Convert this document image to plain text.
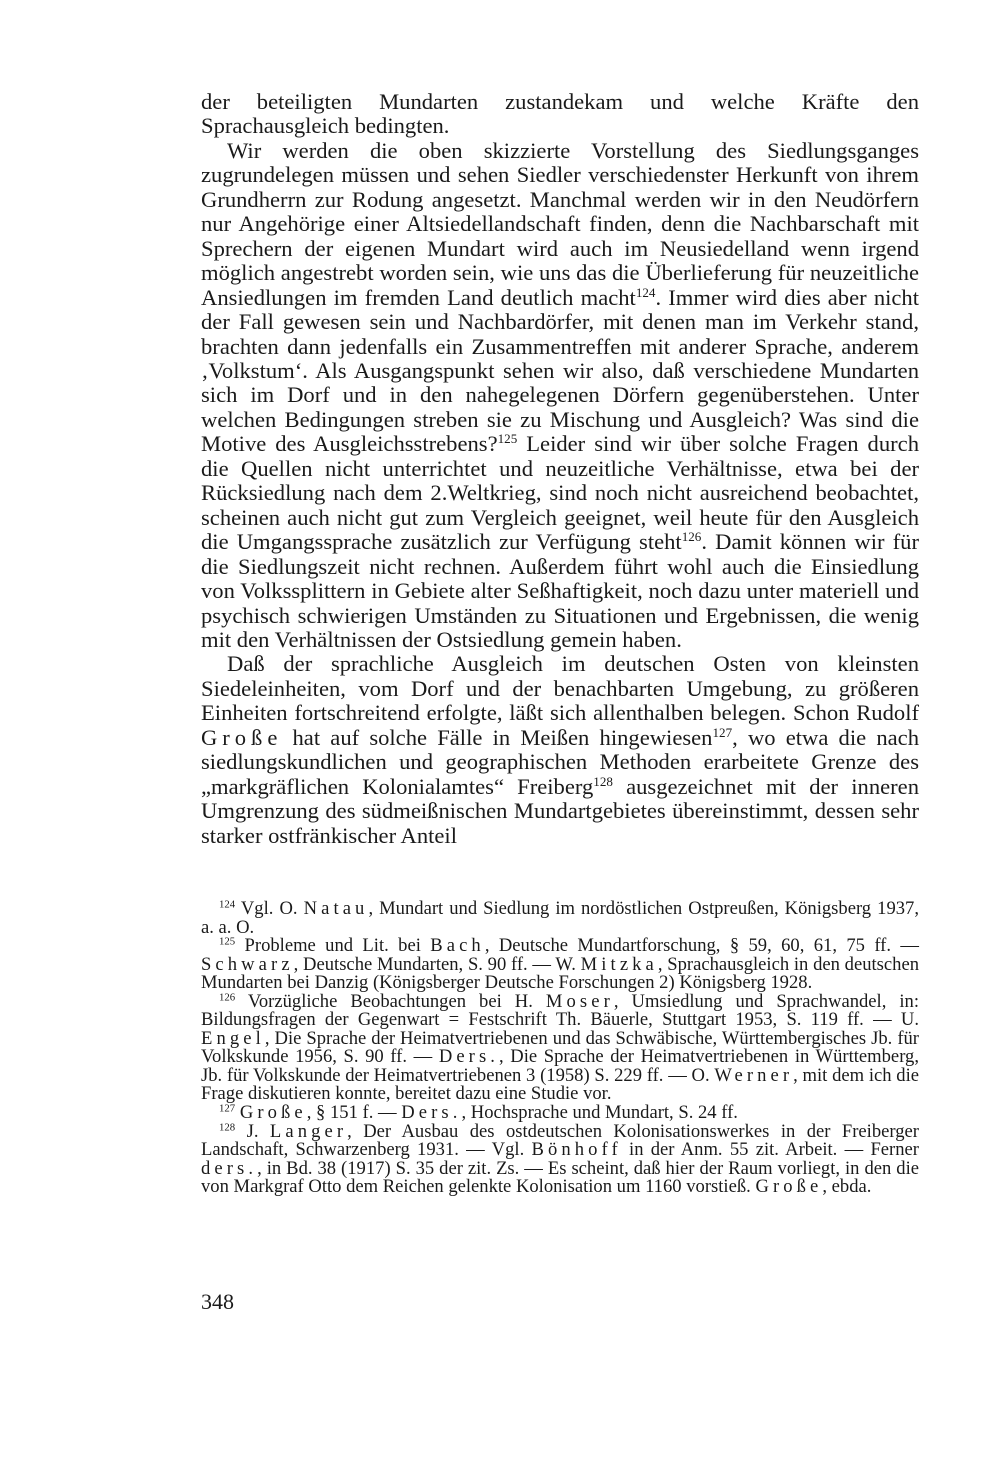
der beteiligten Mundarten zustandekam und welche Kräfte den Sprachausgleich bedingten.

Wir werden die oben skizzierte Vorstellung des Siedlungsganges zugrundelegen müssen und sehen Siedler verschiedenster Herkunft von ihrem Grundherrn zur Rodung angesetzt. Manchmal werden wir in den Neudörfern nur Angehörige einer Altsiedellandschaft finden, denn die Nachbarschaft mit Sprechern der eigenen Mundart wird auch im Neusiedelland wenn irgend möglich angestrebt worden sein, wie uns das die Überlieferung für neuzeitliche Ansiedlungen im fremden Land deutlich macht$^{124}$. Immer wird dies aber nicht der Fall gewesen sein und Nachbardörfer, mit denen man im Verkehr stand, brachten dann jedenfalls ein Zusammentreffen mit anderer Sprache, anderem ‚Volkstum‘. Als Ausgangspunkt sehen wir also, daß verschiedene Mundarten sich im Dorf und in den nahegelegenen Dörfern gegenüberstehen. Unter welchen Bedingungen streben sie zu Mischung und Ausgleich? Was sind die Motive des Ausgleichsstrebens?$^{125}$ Leider sind wir über solche Fragen durch die Quellen nicht unterrichtet und neuzeitliche Verhältnisse, etwa bei der Rücksiedlung nach dem 2.Weltkrieg, sind noch nicht ausreichend beobachtet, scheinen auch nicht gut zum Vergleich geeignet, weil heute für den Ausgleich die Umgangssprache zusätzlich zur Verfügung steht$^{126}$. Damit können wir für die Siedlungszeit nicht rechnen. Außerdem führt wohl auch die Einsiedlung von Volkssplittern in Gebiete alter Seßhaftigkeit, noch dazu unter materiell und psychisch schwierigen Umständen zu Situationen und Ergebnissen, die wenig mit den Verhältnissen der Ostsiedlung gemein haben.

Daß der sprachliche Ausgleich im deutschen Osten von kleinsten Siedeleinheiten, vom Dorf und der benachbarten Umgebung, zu größeren Einheiten fortschreitend erfolgte, läßt sich allenthalben belegen. Schon Rudolf Große hat auf solche Fälle in Meißen hingewiesen$^{127}$, wo etwa die nach siedlungskundlichen und geographischen Methoden erarbeitete Grenze des „markgräflichen Kolonialamtes“ Freiberg$^{128}$ ausgezeichnet mit der inneren Umgrenzung des südmeißnischen Mundartgebietes übereinstimmt, dessen sehr starker ostfränkischer Anteil

$^{124}$ Vgl. O. Natau, Mundart und Siedlung im nordöstlichen Ostpreußen, Königsberg 1937, a. a. O.

$^{125}$ Probleme und Lit. bei Bach, Deutsche Mundartforschung, § 59, 60, 61, 75 ff. — Schwarz, Deutsche Mundarten, S. 90 ff. — W. Mitzka, Sprachausgleich in den deutschen Mundarten bei Danzig (Königsberger Deutsche Forschungen 2) Königsberg 1928.

$^{126}$ Vorzügliche Beobachtungen bei H. Moser, Umsiedlung und Sprachwandel, in: Bildungsfragen der Gegenwart = Festschrift Th. Bäuerle, Stuttgart 1953, S. 119 ff. — U. Engel, Die Sprache der Heimatvertriebenen und das Schwäbische, Württembergisches Jb. für Volkskunde 1956, S. 90 ff. — Ders., Die Sprache der Heimatvertriebenen in Württemberg, Jb. für Volkskunde der Heimatvertriebenen 3 (1958) S. 229 ff. — O. Werner, mit dem ich die Frage diskutieren konnte, bereitet dazu eine Studie vor.

$^{127}$ Große, § 151 f. — Ders., Hochsprache und Mundart, S. 24 ff.

$^{128}$ J. Langer, Der Ausbau des ostdeutschen Kolonisationswerkes in der Freiberger Landschaft, Schwarzenberg 1931. — Vgl. Bönhoff in der Anm. 55 zit. Arbeit. — Ferner ders., in Bd. 38 (1917) S. 35 der zit. Zs. — Es scheint, daß hier der Raum vorliegt, in den die von Markgraf Otto dem Reichen gelenkte Kolonisation um 1160 vorstieß. Große, ebda.

348
